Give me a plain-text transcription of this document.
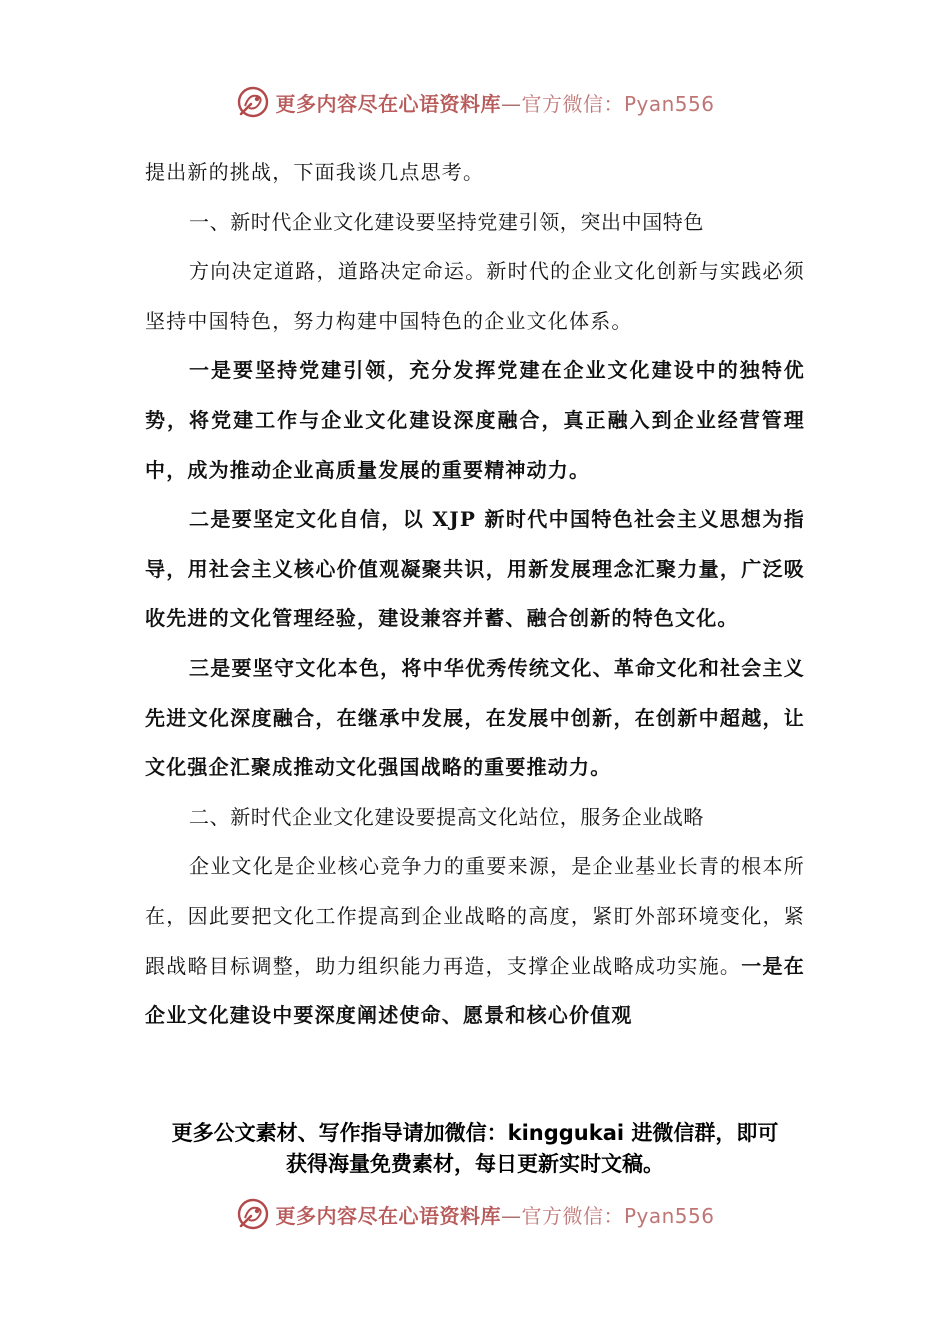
更多内容尽在心语资料库—官方微信：Pyan556

提出新的挑战，下面我谈几点思考。

一、新时代企业文化建设要坚持党建引领，突出中国特色

方向决定道路，道路决定命运。新时代的企业文化创新与实践必须坚持中国特色，努力构建中国特色的企业文化体系。

一是要坚持党建引领，充分发挥党建在企业文化建设中的独特优势，将党建工作与企业文化建设深度融合，真正融入到企业经营管理中，成为推动企业高质量发展的重要精神动力。

二是要坚定文化自信，以 XJP 新时代中国特色社会主义思想为指导，用社会主义核心价值观凝聚共识，用新发展理念汇聚力量，广泛吸收先进的文化管理经验，建设兼容并蓄、融合创新的特色文化。

三是要坚守文化本色，将中华优秀传统文化、革命文化和社会主义先进文化深度融合，在继承中发展，在发展中创新，在创新中超越，让文化强企汇聚成推动文化强国战略的重要推动力。

二、新时代企业文化建设要提高文化站位，服务企业战略

企业文化是企业核心竞争力的重要来源，是企业基业长青的根本所在，因此要把文化工作提高到企业战略的高度，紧盯外部环境变化，紧跟战略目标调整，助力组织能力再造，支撑企业战略成功实施。一是在企业文化建设中要深度阐述使命、愿景和核心价值观

更多公文素材、写作指导请加微信：kinggukai 进微信群，即可
获得海量免费素材，每日更新实时文稿。
更多内容尽在心语资料库—官方微信：Pyan556
